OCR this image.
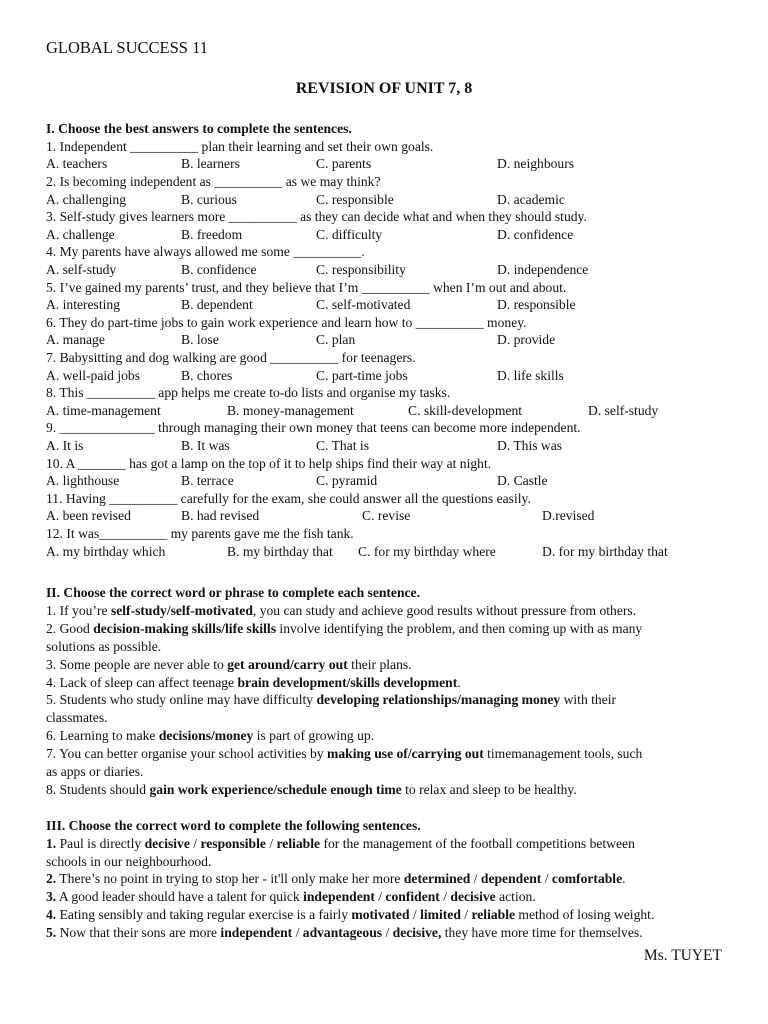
GLOBAL SUCCESS 11
REVISION OF UNIT 7, 8
I. Choose the best answers to complete the sentences.
1. Independent __________ plan their learning and set their own goals.
A. teachers	B. learners	C. parents	D. neighbours
2. Is becoming independent as __________ as we may think?
A. challenging	B. curious	C. responsible	D. academic
3. Self-study gives learners more __________ as they can decide what and when they should study.
A. challenge	B. freedom	C. difficulty	D. confidence
4. My parents have always allowed me some __________.
A. self-study	B. confidence	C. responsibility	D. independence
5. I’ve gained my parents’ trust, and they believe that I’m __________ when I’m out and about.
A. interesting	B. dependent	C. self-motivated	D. responsible
6. They do part-time jobs to gain work experience and learn how to __________ money.
A. manage	B. lose	C. plan	D. provide
7. Babysitting and dog walking are good __________ for teenagers.
A. well-paid jobs	B. chores	C. part-time jobs	D. life skills
8. This __________ app helps me create to-do lists and organise my tasks.
A. time-management	B. money-management	C. skill-development	D. self-study
9. ______________ through managing their own money that teens can become more independent.
A. It is	B. It was	C. That is	D. This was
10. A _______ has got a lamp on the top of it to help ships find their way at night.
A. lighthouse	B. terrace	C. pyramid	D. Castle
11. Having __________ carefully for the exam, she could answer all the questions easily.
A. been revised	B. had revised	C. revise	D.revised
12. It was__________ my parents gave me the fish tank.
A. my birthday which	B. my birthday that C. for my birthday where	D. for my birthday that
II. Choose the correct word or phrase to complete each sentence.
1. If you’re self-study/self-motivated, you can study and achieve good results without pressure from others.
2. Good decision-making skills/life skills involve identifying the problem, and then coming up with as many
solutions as possible.
3. Some people are never able to get around/carry out their plans.
4. Lack of sleep can affect teenage brain development/skills development.
5. Students who study online may have difficulty developing relationships/managing money with their
classmates.
6. Learning to make decisions/money is part of growing up.
7. You can better organise your school activities by making use of/carrying out timemanagement tools, such
as apps or diaries.
8. Students should gain work experience/schedule enough time to relax and sleep to be healthy.
III. Choose the correct word to complete the following sentences.
1. Paul is directly decisive / responsible / reliable for the management of the football competitions between
schools in our neighbourhood.
2. There’s no point in trying to stop her - it'll only make her more determined / dependent / comfortable.
3. A good leader should have a talent for quick independent / confident / decisive action.
4. Eating sensibly and taking regular exercise is a fairly motivated / limited / reliable method of losing weight.
5. Now that their sons are more independent / advantageous / decisive, they have more time for themselves.
Ms. TUYET
